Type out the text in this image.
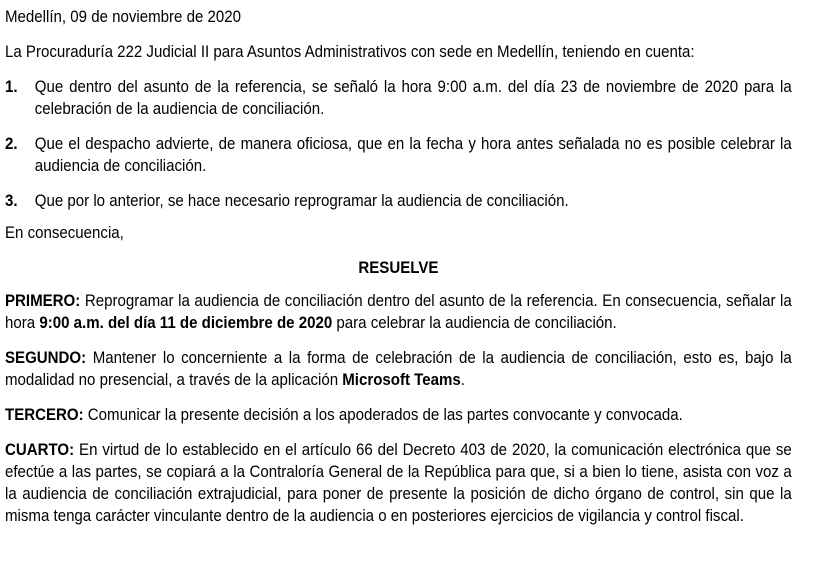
Medellín, 09 de noviembre de 2020

La Procuraduría 222 Judicial II para Asuntos Administrativos con sede en Medellín, teniendo en cuenta:

1.	Que dentro del asunto de la referencia, se señaló la hora 9:00 a.m. del día 23 de noviembre de 2020 para la celebración de la audiencia de conciliación.
2.	Que el despacho advierte, de manera oficiosa, que en la fecha y hora antes señalada no es posible celebrar la audiencia de conciliación.
3.	Que por lo anterior, se hace necesario reprogramar la audiencia de conciliación.

En consecuencia,

RESUELVE

PRIMERO: Reprogramar la audiencia de conciliación dentro del asunto de la referencia. En consecuencia, señalar la hora 9:00 a.m. del día 11 de diciembre de 2020 para celebrar la audiencia de conciliación.

SEGUNDO: Mantener lo concerniente a la forma de celebración de la audiencia de conciliación, esto es, bajo la modalidad no presencial, a través de la aplicación Microsoft Teams.

TERCERO: Comunicar la presente decisión a los apoderados de las partes convocante y convocada.

CUARTO: En virtud de lo establecido en el artículo 66 del Decreto 403 de 2020, la comunicación electrónica que se efectúe a las partes, se copiará a la Contraloría General de la República para que, si a bien lo tiene, asista con voz a la audiencia de conciliación extrajudicial, para poner de presente la posición de dicho órgano de control, sin que la misma tenga carácter vinculante dentro de la audiencia o en posteriores ejercicios de vigilancia y control fiscal.
